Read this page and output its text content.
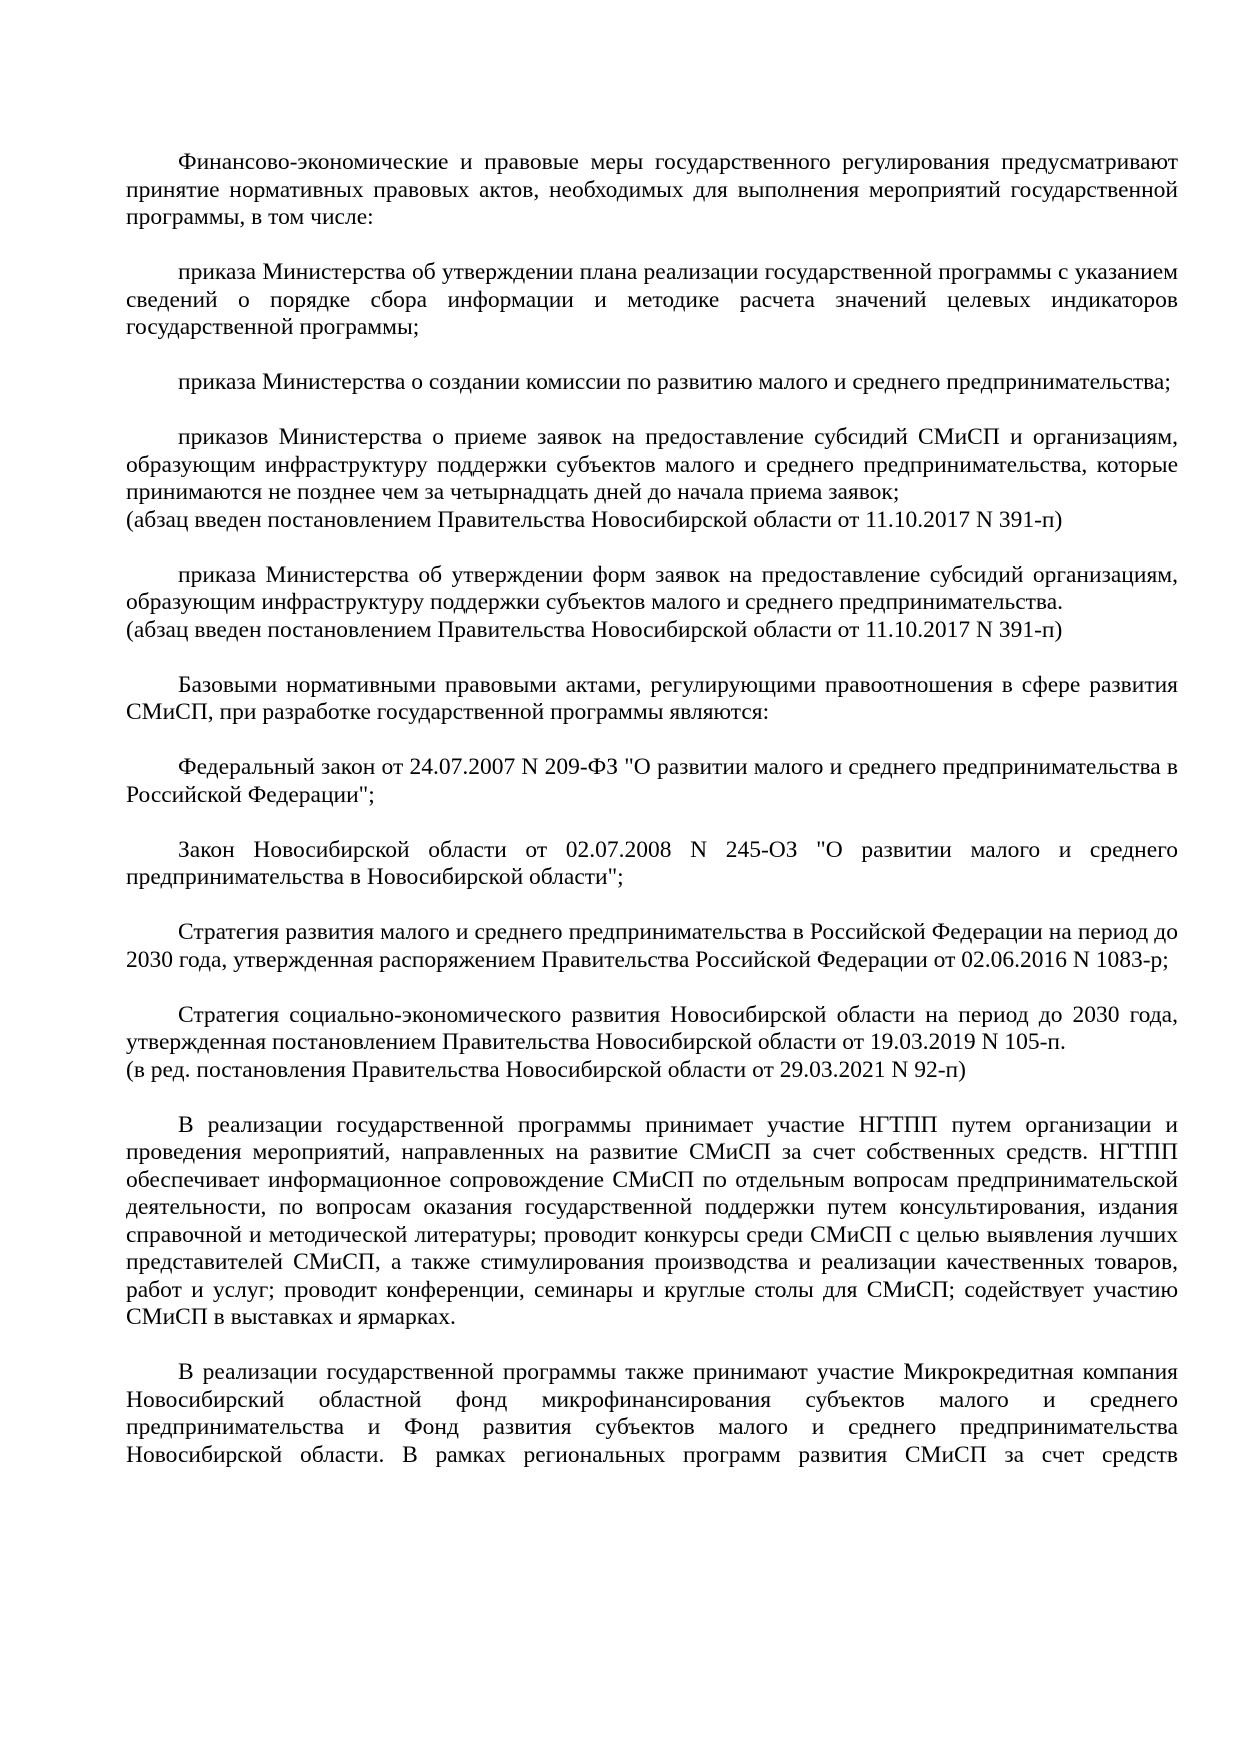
Финансово-экономические и правовые меры государственного регулирования предусматривают принятие нормативных правовых актов, необходимых для выполнения мероприятий государственной программы, в том числе:

приказа Министерства об утверждении плана реализации государственной программы с указанием сведений о порядке сбора информации и методике расчета значений целевых индикаторов государственной программы;

приказа Министерства о создании комиссии по развитию малого и среднего предпринимательства;

приказов Министерства о приеме заявок на предоставление субсидий СМиСП и организациям, образующим инфраструктуру поддержки субъектов малого и среднего предпринимательства, которые принимаются не позднее чем за четырнадцать дней до начала приема заявок;

(абзац введен постановлением Правительства Новосибирской области от 11.10.2017 N 391-п)

приказа Министерства об утверждении форм заявок на предоставление субсидий организациям, образующим инфраструктуру поддержки субъектов малого и среднего предпринимательства.

(абзац введен постановлением Правительства Новосибирской области от 11.10.2017 N 391-п)

Базовыми нормативными правовыми актами, регулирующими правоотношения в сфере развития СМиСП, при разработке государственной программы являются:

Федеральный закон от 24.07.2007 N 209-ФЗ "О развитии малого и среднего предпринимательства в Российской Федерации";

Закон Новосибирской области от 02.07.2008 N 245-ОЗ "О развитии малого и среднего предпринимательства в Новосибирской области";

Стратегия развития малого и среднего предпринимательства в Российской Федерации на период до 2030 года, утвержденная распоряжением Правительства Российской Федерации от 02.06.2016 N 1083-р;

Стратегия социально-экономического развития Новосибирской области на период до 2030 года, утвержденная постановлением Правительства Новосибирской области от 19.03.2019 N 105-п.

(в ред. постановления Правительства Новосибирской области от 29.03.2021 N 92-п)

В реализации государственной программы принимает участие НГТПП путем организации и проведения мероприятий, направленных на развитие СМиСП за счет собственных средств. НГТПП обеспечивает информационное сопровождение СМиСП по отдельным вопросам предпринимательской деятельности, по вопросам оказания государственной поддержки путем консультирования, издания справочной и методической литературы; проводит конкурсы среди СМиСП с целью выявления лучших представителей СМиСП, а также стимулирования производства и реализации качественных товаров, работ и услуг; проводит конференции, семинары и круглые столы для СМиСП; содействует участию СМиСП в выставках и ярмарках.

В реализации государственной программы также принимают участие Микрокредитная компания Новосибирский областной фонд микрофинансирования субъектов малого и среднего предпринимательства и Фонд развития субъектов малого и среднего предпринимательства Новосибирской области. В рамках региональных программ развития СМиСП за счет средств
